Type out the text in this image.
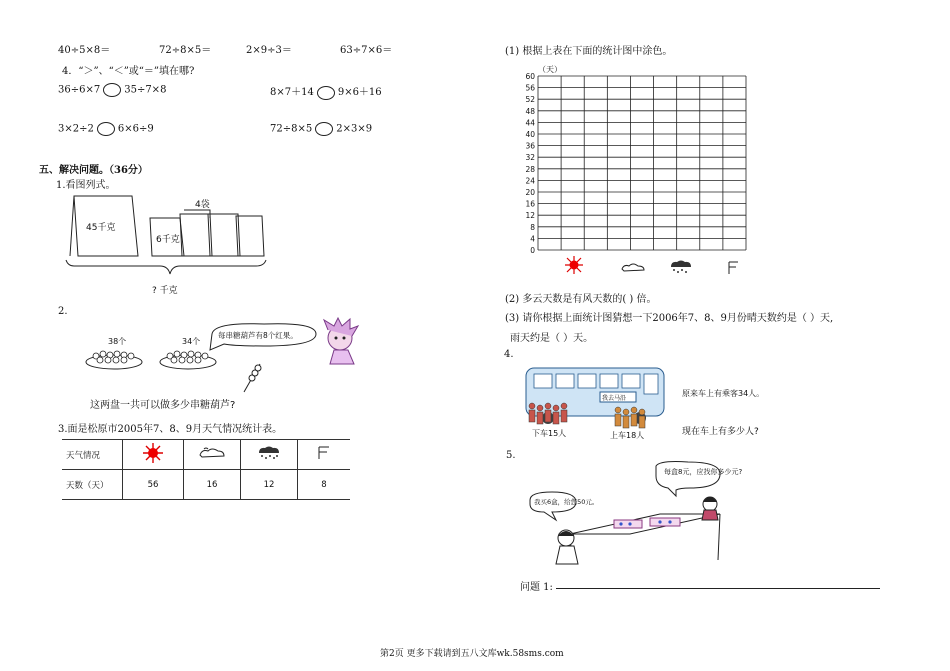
40÷5×8＝	72÷8×5＝	2×9÷3＝	63÷7×6＝
4．“＞”、“＜”或“＝”填在哪?
36÷6×7 35÷7×8	8×7＋14 9×6＋16
3×2÷2 6×6÷9	72÷8×5 2×3×9
五、解决问题。（36分）
1.看图列式。
4袋
45千克
6千克
? 千克
2.
38个	34个
每串糖葫芦有8个红果。
这两盘一共可以做多少串糖葫芦?
3.面是松原市2005年7、8、9月天气情况统计表。
天气情况				
天数（天）	56	16	12	8
(1) 根据上表在下面的统计图中涂色。
（天）
0
4
8
12
16
20
24
28
32
36
40
44
48
52
56
60
(2) 多云天数是有风天数的( ) 倍。
(3) 请你根据上面统计图猜想一下2006年7、8、9月份晴天数约是（ ）天,
雨天约是（ ）天。
4.
我去马沿
原来车上有乘客34人。
下车15人	上车18人	现在车上有多少人?
5.
每盒8元，应找你多少元?
我买6盒，给您50元。
问题 1:
第2页 更多下载请到五八文库wk.58sms.com
